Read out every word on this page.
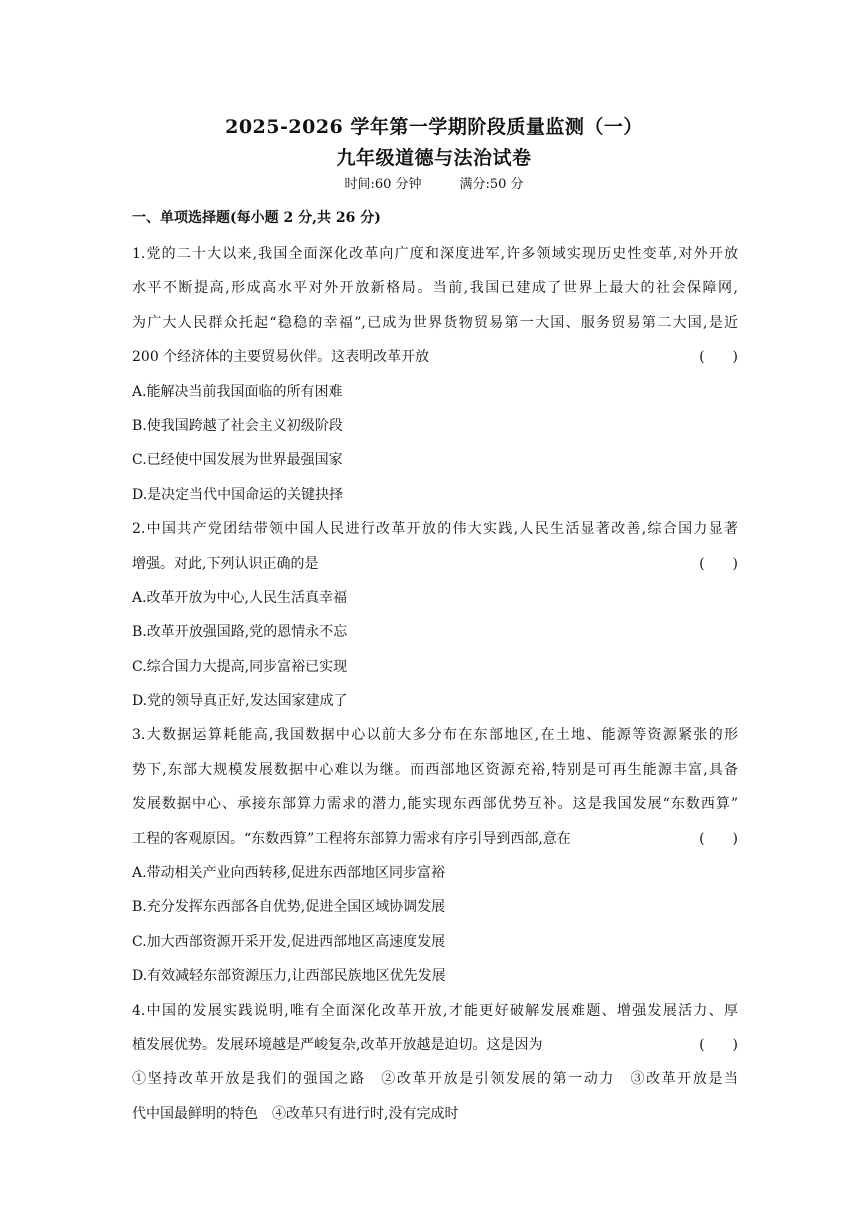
2025-2026 学年第一学期阶段质量监测（一）
九年级道德与法治试卷
时间:60 分钟	满分:50 分
一、单项选择题(每小题 2 分,共 26 分)
1.党的二十大以来,我国全面深化改革向广度和深度进军,许多领域实现历史性变革,对外开放
水平不断提高,形成高水平对外开放新格局。当前,我国已建成了世界上最大的社会保障网,
为广大人民群众托起“稳稳的幸福”,已成为世界货物贸易第一大国、服务贸易第二大国,是近
200 个经济体的主要贸易伙伴。这表明改革开放	(　　)
A.能解决当前我国面临的所有困难
B.使我国跨越了社会主义初级阶段
C.已经使中国发展为世界最强国家
D.是决定当代中国命运的关键抉择
2.中国共产党团结带领中国人民进行改革开放的伟大实践,人民生活显著改善,综合国力显著
增强。对此,下列认识正确的是	(　　)
A.改革开放为中心,人民生活真幸福
B.改革开放强国路,党的恩情永不忘
C.综合国力大提高,同步富裕已实现
D.党的领导真正好,发达国家建成了
3.大数据运算耗能高,我国数据中心以前大多分布在东部地区,在土地、能源等资源紧张的形
势下,东部大规模发展数据中心难以为继。而西部地区资源充裕,特别是可再生能源丰富,具备
发展数据中心、承接东部算力需求的潜力,能实现东西部优势互补。这是我国发展“东数西算”
工程的客观原因。“东数西算”工程将东部算力需求有序引导到西部,意在	(　　)
A.带动相关产业向西转移,促进东西部地区同步富裕
B.充分发挥东西部各自优势,促进全国区域协调发展
C.加大西部资源开采开发,促进西部地区高速度发展
D.有效减轻东部资源压力,让西部民族地区优先发展
4.中国的发展实践说明,唯有全面深化改革开放,才能更好破解发展难题、增强发展活力、厚
植发展优势。发展环境越是严峻复杂,改革开放越是迫切。这是因为	(　　)
①坚持改革开放是我们的强国之路　②改革开放是引领发展的第一动力　③改革开放是当
代中国最鲜明的特色　④改革只有进行时,没有完成时
